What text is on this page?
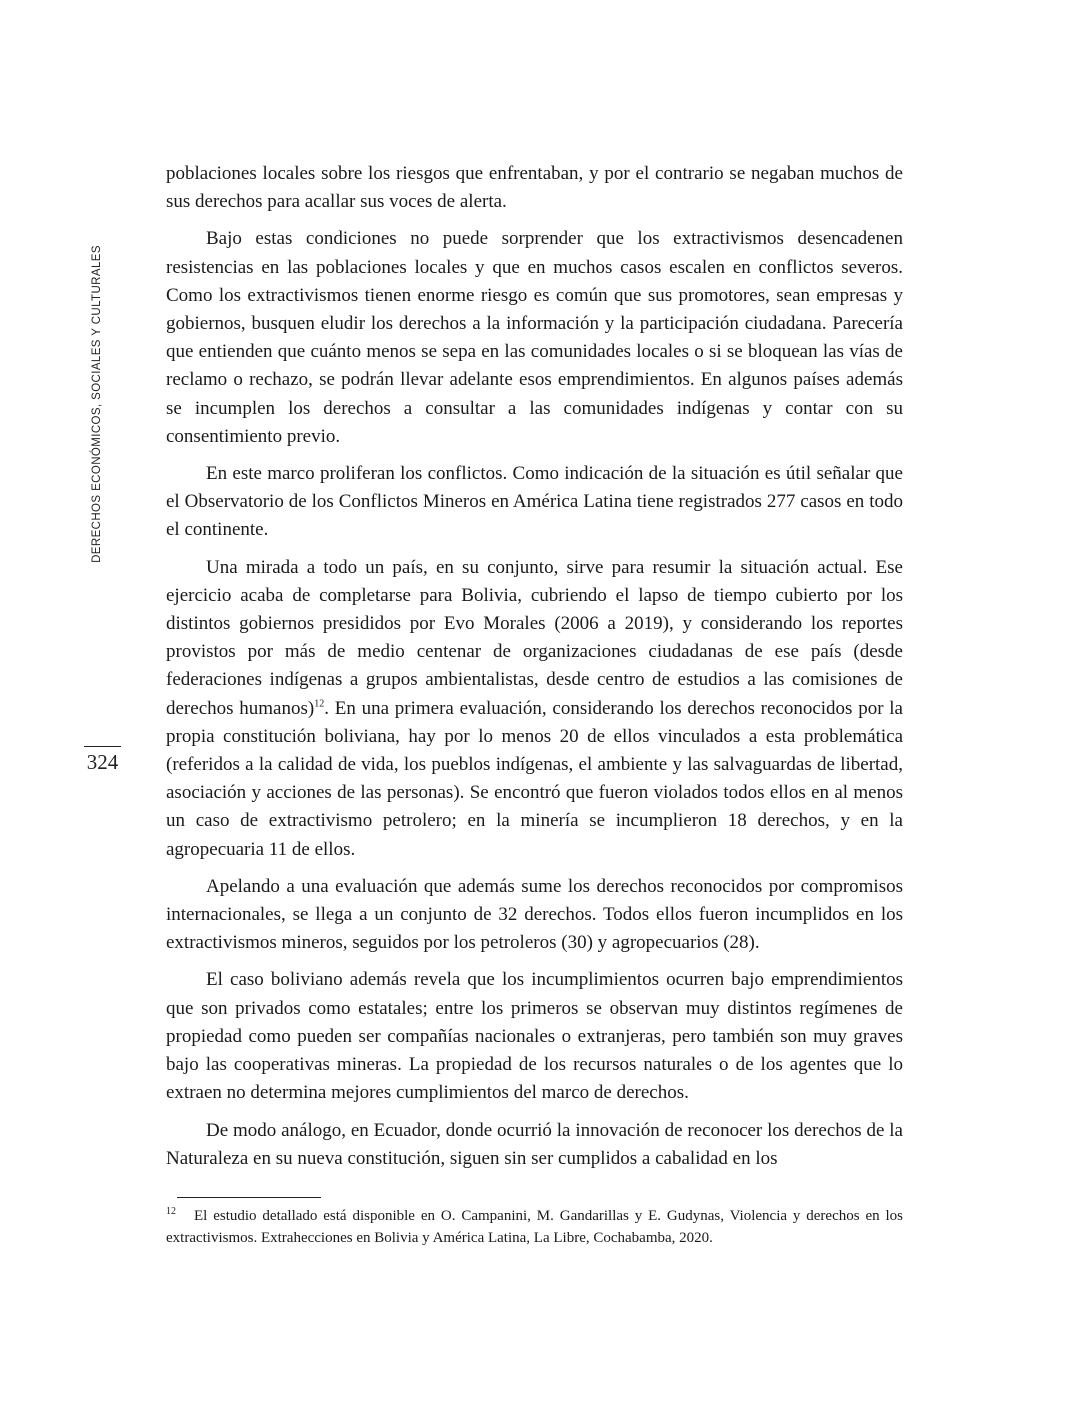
DERECHOS ECONÓMICOS, SOCIALES Y CULTURALES
324

poblaciones locales sobre los riesgos que enfrentaban, y por el contrario se negaban muchos de sus derechos para acallar sus voces de alerta.

Bajo estas condiciones no puede sorprender que los extractivismos desencadenen resistencias en las poblaciones locales y que en muchos casos escalen en conflictos severos. Como los extractivismos tienen enorme riesgo es común que sus promotores, sean empresas y gobiernos, busquen eludir los derechos a la información y la participación ciudadana. Parecería que entienden que cuánto menos se sepa en las comunidades locales o si se bloquean las vías de reclamo o rechazo, se podrán llevar adelante esos emprendimientos. En algunos países además se incumplen los derechos a consultar a las comunidades indígenas y contar con su consentimiento previo.

En este marco proliferan los conflictos. Como indicación de la situación es útil señalar que el Observatorio de los Conflictos Mineros en América Latina tiene registrados 277 casos en todo el continente.

Una mirada a todo un país, en su conjunto, sirve para resumir la situación actual. Ese ejercicio acaba de completarse para Bolivia, cubriendo el lapso de tiempo cubierto por los distintos gobiernos presididos por Evo Morales (2006 a 2019), y considerando los reportes provistos por más de medio centenar de organizaciones ciudadanas de ese país (desde federaciones indígenas a grupos ambientalistas, desde centro de estudios a las comisiones de derechos humanos)$^{12}$. En una primera evaluación, considerando los derechos reconocidos por la propia constitución boliviana, hay por lo menos 20 de ellos vinculados a esta problemática (referidos a la calidad de vida, los pueblos indígenas, el ambiente y las salvaguardas de libertad, asociación y acciones de las personas). Se encontró que fueron violados todos ellos en al menos un caso de extractivismo petrolero; en la minería se incumplieron 18 derechos, y en la agropecuaria 11 de ellos.

Apelando a una evaluación que además sume los derechos reconocidos por compromisos internacionales, se llega a un conjunto de 32 derechos. Todos ellos fueron incumplidos en los extractivismos mineros, seguidos por los petroleros (30) y agropecuarios (28).

El caso boliviano además revela que los incumplimientos ocurren bajo emprendimientos que son privados como estatales; entre los primeros se observan muy distintos regímenes de propiedad como pueden ser compañías nacionales o extranjeras, pero también son muy graves bajo las cooperativas mineras. La propiedad de los recursos naturales o de los agentes que lo extraen no determina mejores cumplimientos del marco de derechos.

De modo análogo, en Ecuador, donde ocurrió la innovación de reconocer los derechos de la Naturaleza en su nueva constitución, siguen sin ser cumplidos a cabalidad en los

12 El estudio detallado está disponible en O. Campanini, M. Gandarillas y E. Gudynas, Violencia y derechos en los extractivismos. Extrahecciones en Bolivia y América Latina, La Libre, Cochabamba, 2020.
